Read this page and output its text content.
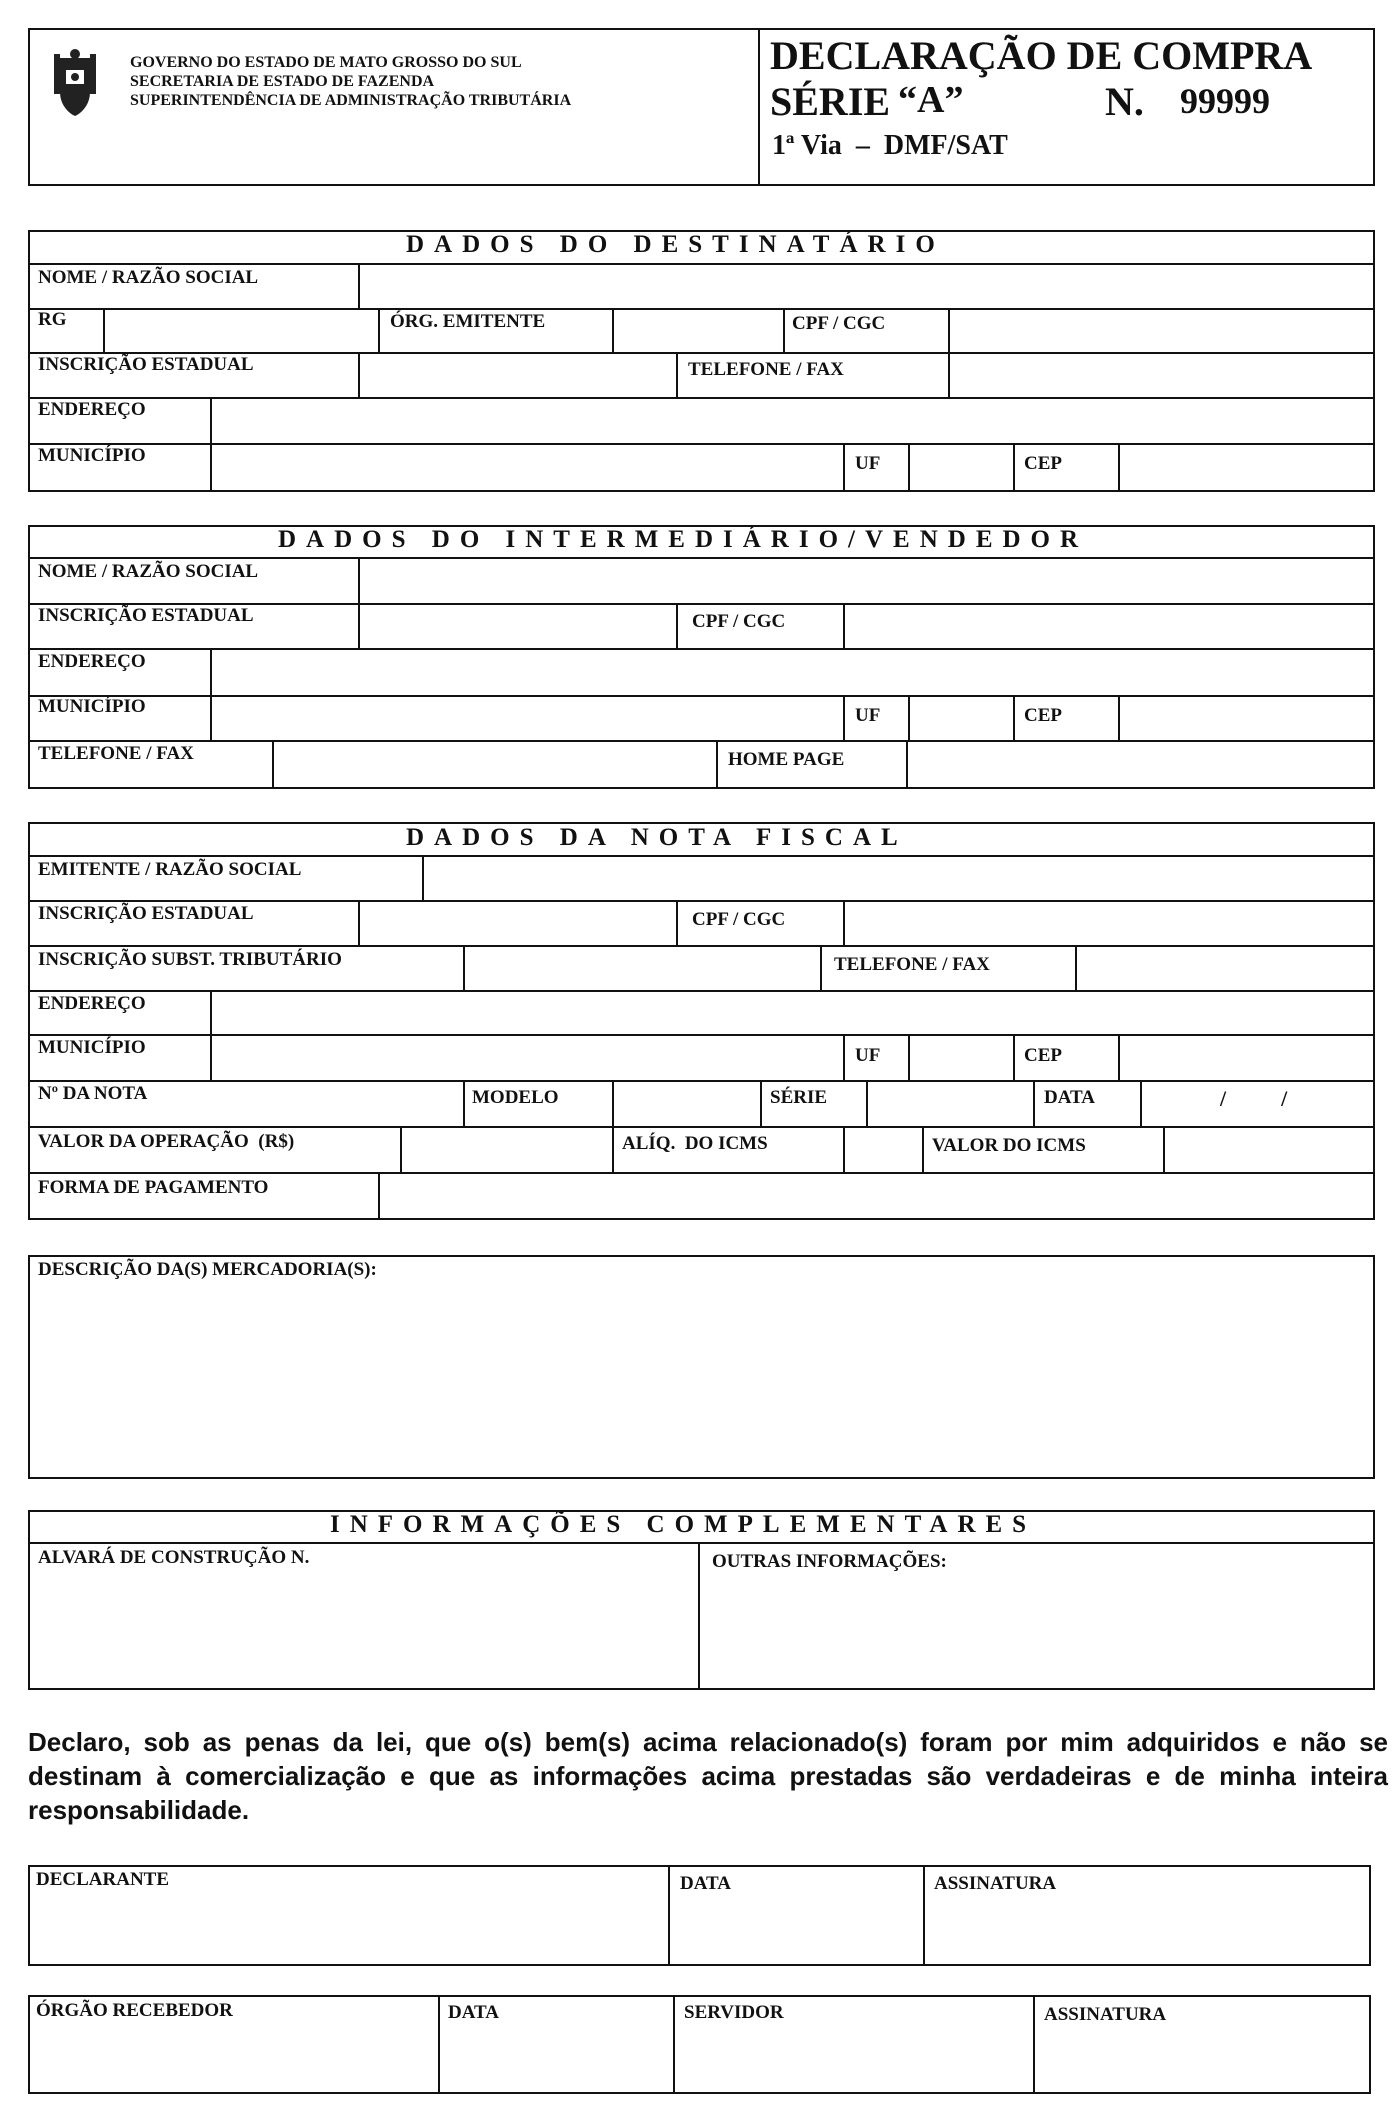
GOVERNO DO ESTADO DE MATO GROSSO DO SUL
SECRETARIA DE ESTADO DE FAZENDA
SUPERINTENDÊNCIA DE ADMINISTRAÇÃO TRIBUTÁRIA
DECLARAÇÃO DE COMPRA
SÉRIE “A”	N. 99999
1ª Via  –  DMF/SAT
DADOS DO DESTINATÁRIO
NOME / RAZÃO SOCIAL
RG	ÓRG. EMITENTE	CPF / CGC
INSCRIÇÃO ESTADUAL	TELEFONE / FAX
ENDEREÇO
MUNICÍPIO	UF	CEP
DADOS DO INTERMEDIÁRIO/VENDEDOR
NOME / RAZÃO SOCIAL
INSCRIÇÃO ESTADUAL	CPF / CGC
ENDEREÇO
MUNICÍPIO	UF	CEP
TELEFONE / FAX	HOME PAGE
DADOS DA NOTA FISCAL
EMITENTE / RAZÃO SOCIAL
INSCRIÇÃO ESTADUAL	CPF / CGC
INSCRIÇÃO SUBST. TRIBUTÁRIO	TELEFONE / FAX
ENDEREÇO
MUNICÍPIO	UF	CEP
Nº DA NOTA	MODELO	SÉRIE	DATA	/          /
VALOR DA OPERAÇÃO  (R$)	ALÍQ.  DO ICMS	VALOR DO ICMS
FORMA DE PAGAMENTO
DESCRIÇÃO DA(S) MERCADORIA(S):
INFORMAÇÕES COMPLEMENTARES
ALVARÁ DE CONSTRUÇÃO N.	OUTRAS INFORMAÇÕES:
Declaro, sob as penas da lei, que o(s) bem(s) acima relacionado(s) foram por mim adquiridos e não se destinam à comercialização e que as informações acima prestadas são verdadeiras e de minha inteira responsabilidade.
DECLARANTE	DATA	ASSINATURA
ÓRGÃO RECEBEDOR	DATA	SERVIDOR	ASSINATURA
